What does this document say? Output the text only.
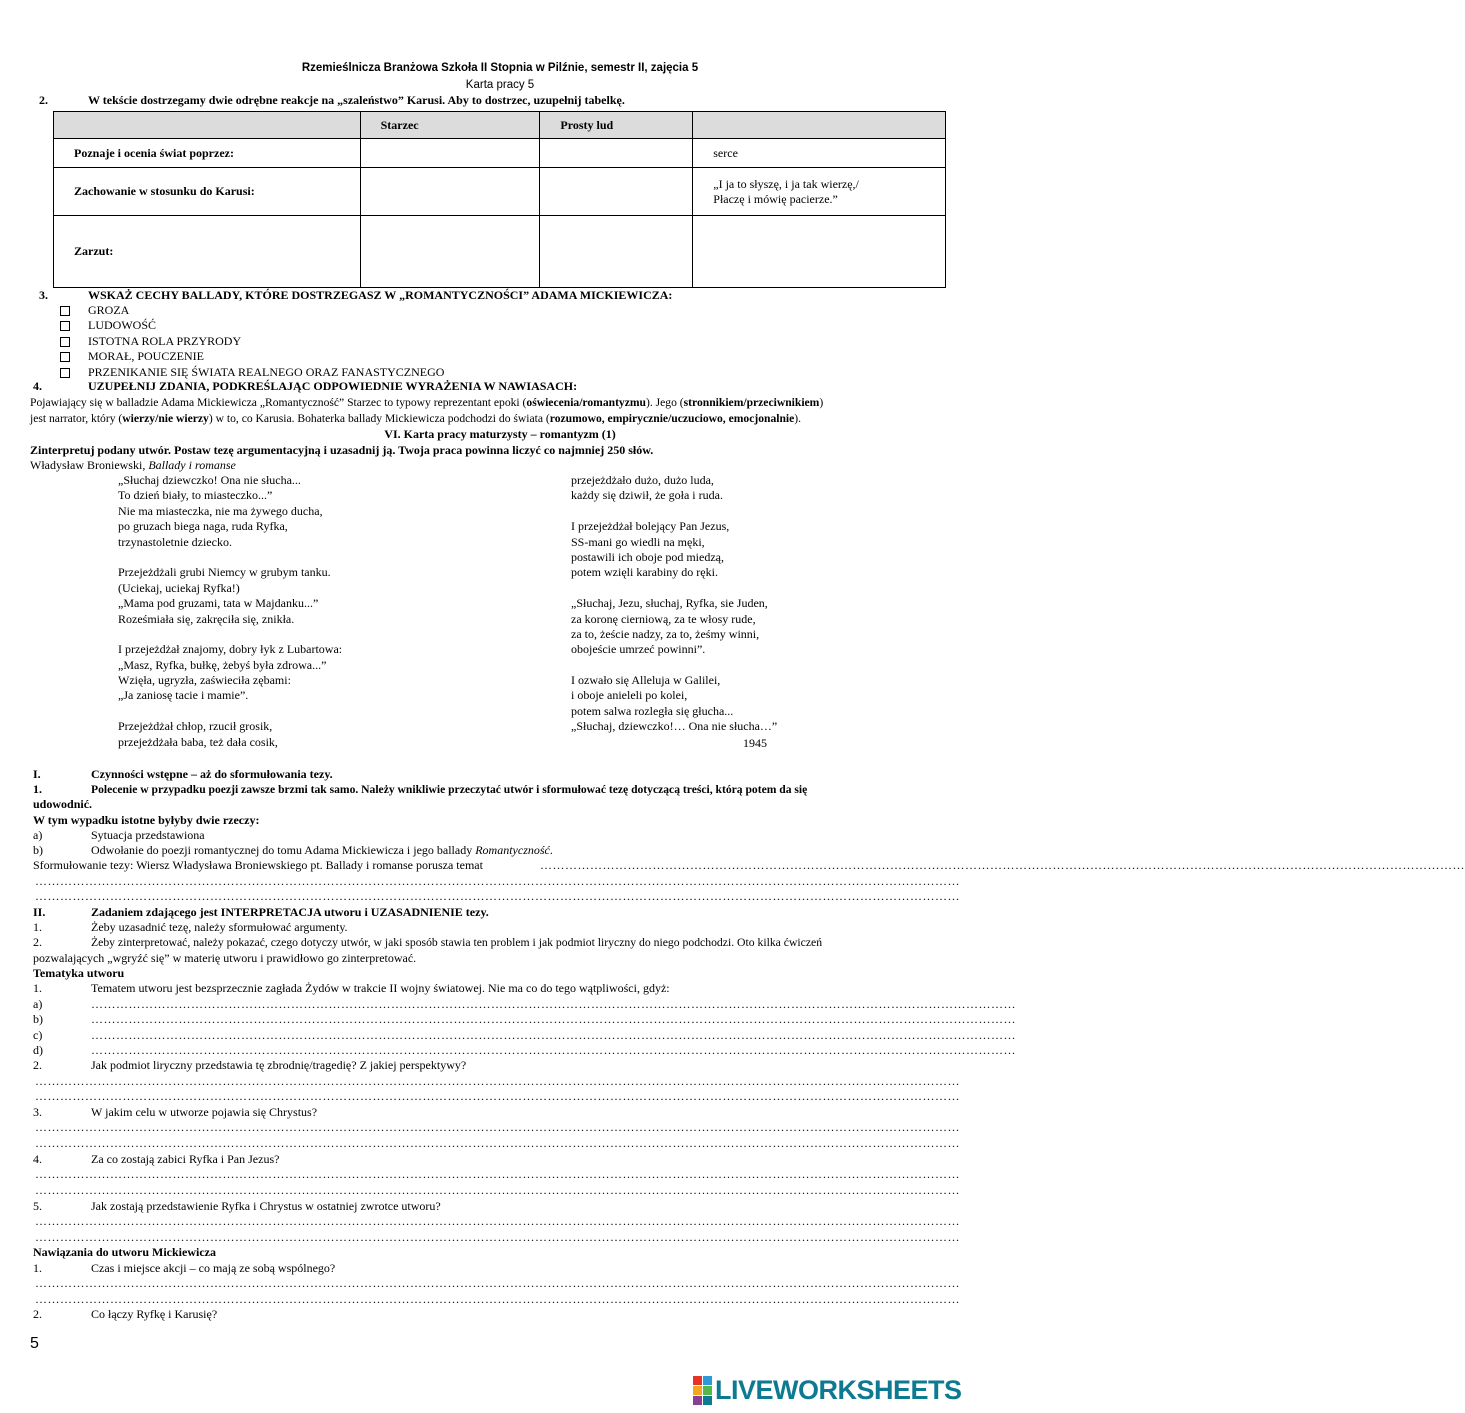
Rzemieślnicza Branżowa Szkoła II Stopnia w Pilźnie, semestr II, zajęcia 5
Karta pracy 5
2.	W tekście dostrzegamy dwie odrębne reakcje na „szaleństwo” Karusi. Aby to dostrzec, uzupełnij tabelkę.
	Starzec	Prosty lud	
Poznaje i ocenia świat poprzez:			serce
Zachowanie w stosunku do Karusi:			„I ja to słyszę, i ja tak wierzę,/
Płaczę i mówię pacierze.”

Zarzut:			
3.	WSKAŻ CECHY BALLADY, KTÓRE DOSTRZEGASZ W „ROMANTYCZNOŚCI” ADAMA MICKIEWICZA:
GROZA
LUDOWOŚĆ
ISTOTNA ROLA PRZYRODY
MORAŁ, POUCZENIE
PRZENIKANIE SIĘ ŚWIATA REALNEGO ORAZ FANASTYCZNEGO
4.	UZUPEŁNIJ ZDANIA, PODKREŚLAJĄC ODPOWIEDNIE WYRAŻENIA W NAWIASACH:
Pojawiający się w balladzie Adama Mickiewicza „Romantyczność” Starzec to typowy reprezentant epoki (oświecenia/romantyzmu). Jego (stronnikiem/przeciwnikiem)
jest narrator, który (wierzy/nie wierzy) w to, co Karusia. Bohaterka ballady Mickiewicza podchodzi do świata (rozumowo, empirycznie/uczuciowo, emocjonalnie).
VI. Karta pracy maturzysty – romantyzm (1)
Zinterpretuj podany utwór. Postaw tezę argumentacyjną i uzasadnij ją. Twoja praca powinna liczyć co najmniej 250 słów.
Władysław Broniewski, Ballady i romanse
„Słuchaj dziewczko! Ona nie słucha...
To dzień biały, to miasteczko...”
Nie ma miasteczka, nie ma żywego ducha,
po gruzach biega naga, ruda Ryfka,
trzynastoletnie dziecko.
Przejeżdżali grubi Niemcy w grubym tanku.
(Uciekaj, uciekaj Ryfka!)
„Mama pod gruzami, tata w Majdanku...”
Roześmiała się, zakręciła się, znikła.
I przejeżdżał znajomy, dobry łyk z Lubartowa:
„Masz, Ryfka, bułkę, żebyś była zdrowa...”
Wzięła, ugryzła, zaświeciła zębami:
„Ja zaniosę tacie i mamie”.
Przejeżdżał chłop, rzucił grosik,
przejeżdżała baba, też dała cosik,
przejeżdżało dużo, dużo luda,
każdy się dziwił, że goła i ruda.
I przejeżdżał bolejący Pan Jezus,
SS-mani go wiedli na męki,
postawili ich oboje pod miedzą,
potem wzięli karabiny do ręki.
„Słuchaj, Jezu, słuchaj, Ryfka, sie Juden,
za koronę cierniową, za te włosy rude,
za to, żeście nadzy, za to, żeśmy winni,
obojeście umrzeć powinni”.
I ozwało się Alleluja w Galilei,
i oboje anieleli po kolei,
potem salwa rozległa się głucha...
„Słuchaj, dziewczko!… Ona nie słucha…”
1945
I.	Czynności wstępne – aż do sformułowania tezy.
1.	Polecenie w przypadku poezji zawsze brzmi tak samo. Należy wnikliwie przeczytać utwór i sformułować tezę dotyczącą treści, którą potem da się
udowodnić.
W tym wypadku istotne byłyby dwie rzeczy:
a)	Sytuacja przedstawiona
b)	Odwołanie do poezji romantycznej do tomu Adama Mickiewicza i jego ballady Romantyczność.
Sformułowanie tezy: Wiersz Władysława Broniewskiego pt. Ballady i romanse porusza temat	……………………………………………………………………………………………………………………………………………………………………………………………………
……………………………………………………………………………………………………………………………………………………………………………………………………
……………………………………………………………………………………………………………………………………………………………………………………………………
II.	Zadaniem zdającego jest INTERPRETACJA utworu i UZASADNIENIE tezy.
1.	Żeby uzasadnić tezę, należy sformułować argumenty.
2.	Żeby zinterpretować, należy pokazać, czego dotyczy utwór, w jaki sposób stawia ten problem i jak podmiot liryczny do niego podchodzi. Oto kilka ćwiczeń
pozwalających „wgryźć się” w materię utworu i prawidłowo go zinterpretować.
Tematyka utworu
1.	Tematem utworu jest bezsprzecznie zagłada Żydów w trakcie II wojny światowej. Nie ma co do tego wątpliwości, gdyż:
a)	……………………………………………………………………………………………………………………………………………………………………………………………………
b)	……………………………………………………………………………………………………………………………………………………………………………………………………
c)	……………………………………………………………………………………………………………………………………………………………………………………………………
d)	……………………………………………………………………………………………………………………………………………………………………………………………………
2.	Jak podmiot liryczny przedstawia tę zbrodnię/tragedię? Z jakiej perspektywy?
……………………………………………………………………………………………………………………………………………………………………………………………………
……………………………………………………………………………………………………………………………………………………………………………………………………
3.	W jakim celu w utworze pojawia się Chrystus?
……………………………………………………………………………………………………………………………………………………………………………………………………
……………………………………………………………………………………………………………………………………………………………………………………………………
4.	Za co zostają zabici Ryfka i Pan Jezus?
……………………………………………………………………………………………………………………………………………………………………………………………………
……………………………………………………………………………………………………………………………………………………………………………………………………
5.	Jak zostają przedstawienie Ryfka i Chrystus w ostatniej zwrotce utworu?
……………………………………………………………………………………………………………………………………………………………………………………………………
……………………………………………………………………………………………………………………………………………………………………………………………………
Nawiązania do utworu Mickiewicza
1.	Czas i miejsce akcji – co mają ze sobą wspólnego?
……………………………………………………………………………………………………………………………………………………………………………………………………
……………………………………………………………………………………………………………………………………………………………………………………………………
2.	Co łączy Ryfkę i Karusię?
5
LIVEWORKSHEETS
